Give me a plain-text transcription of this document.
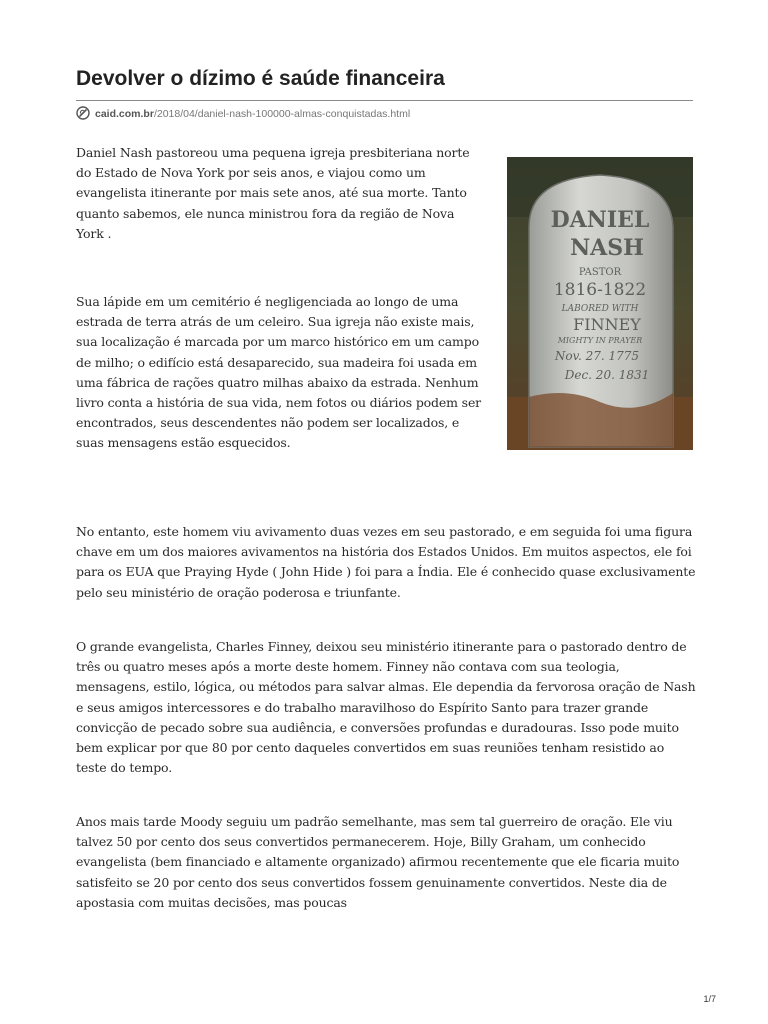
Devolver o dízimo é saúde financeira
caid.com.br/2018/04/daniel-nash-100000-almas-conquistadas.html

Daniel Nash pastoreou uma pequena igreja presbiteriana norte do Estado de Nova York por seis anos, e viajou como um evangelista itinerante por mais sete anos, até sua morte. Tanto quanto sabemos, ele nunca ministrou fora da região de Nova York .

DANIEL
NASH
PASTOR
1816-1822
LABORED WITH
FINNEY
MIGHTY IN PRAYER
Nov. 27. 1775
Dec. 20. 1831

Sua lápide em um cemitério é negligenciada ao longo de uma estrada de terra atrás de um celeiro. Sua igreja não existe mais, sua localização é marcada por um marco histórico em um campo de milho; o edifício está desaparecido, sua madeira foi usada em uma fábrica de rações quatro milhas abaixo da estrada. Nenhum livro conta a história de sua vida, nem fotos ou diários podem ser encontrados, seus descendentes não podem ser localizados, e suas mensagens estão esquecidos.

No entanto, este homem viu avivamento duas vezes em seu pastorado, e em seguida foi uma figura chave em um dos maiores avivamentos na história dos Estados Unidos. Em muitos aspectos, ele foi para os EUA que Praying Hyde ( John Hide ) foi para a Índia. Ele é conhecido quase exclusivamente pelo seu ministério de oração poderosa e triunfante.

O grande evangelista, Charles Finney, deixou seu ministério itinerante para o pastorado dentro de três ou quatro meses após a morte deste homem. Finney não contava com sua teologia, mensagens, estilo, lógica, ou métodos para salvar almas. Ele dependia da fervorosa oração de Nash e seus amigos intercessores e do trabalho maravilhoso do Espírito Santo para trazer grande convicção de pecado sobre sua audiência, e conversões profundas e duradouras. Isso pode muito bem explicar por que 80 por cento daqueles convertidos em suas reuniões tenham resistido ao teste do tempo.

Anos mais tarde Moody seguiu um padrão semelhante, mas sem tal guerreiro de oração. Ele viu talvez 50 por cento dos seus convertidos permanecerem. Hoje, Billy Graham, um conhecido evangelista (bem financiado e altamente organizado) afirmou recentemente que ele ficaria muito satisfeito se 20 por cento dos seus convertidos fossem genuinamente convertidos. Neste dia de apostasia com muitas decisões, mas poucas

1/7
